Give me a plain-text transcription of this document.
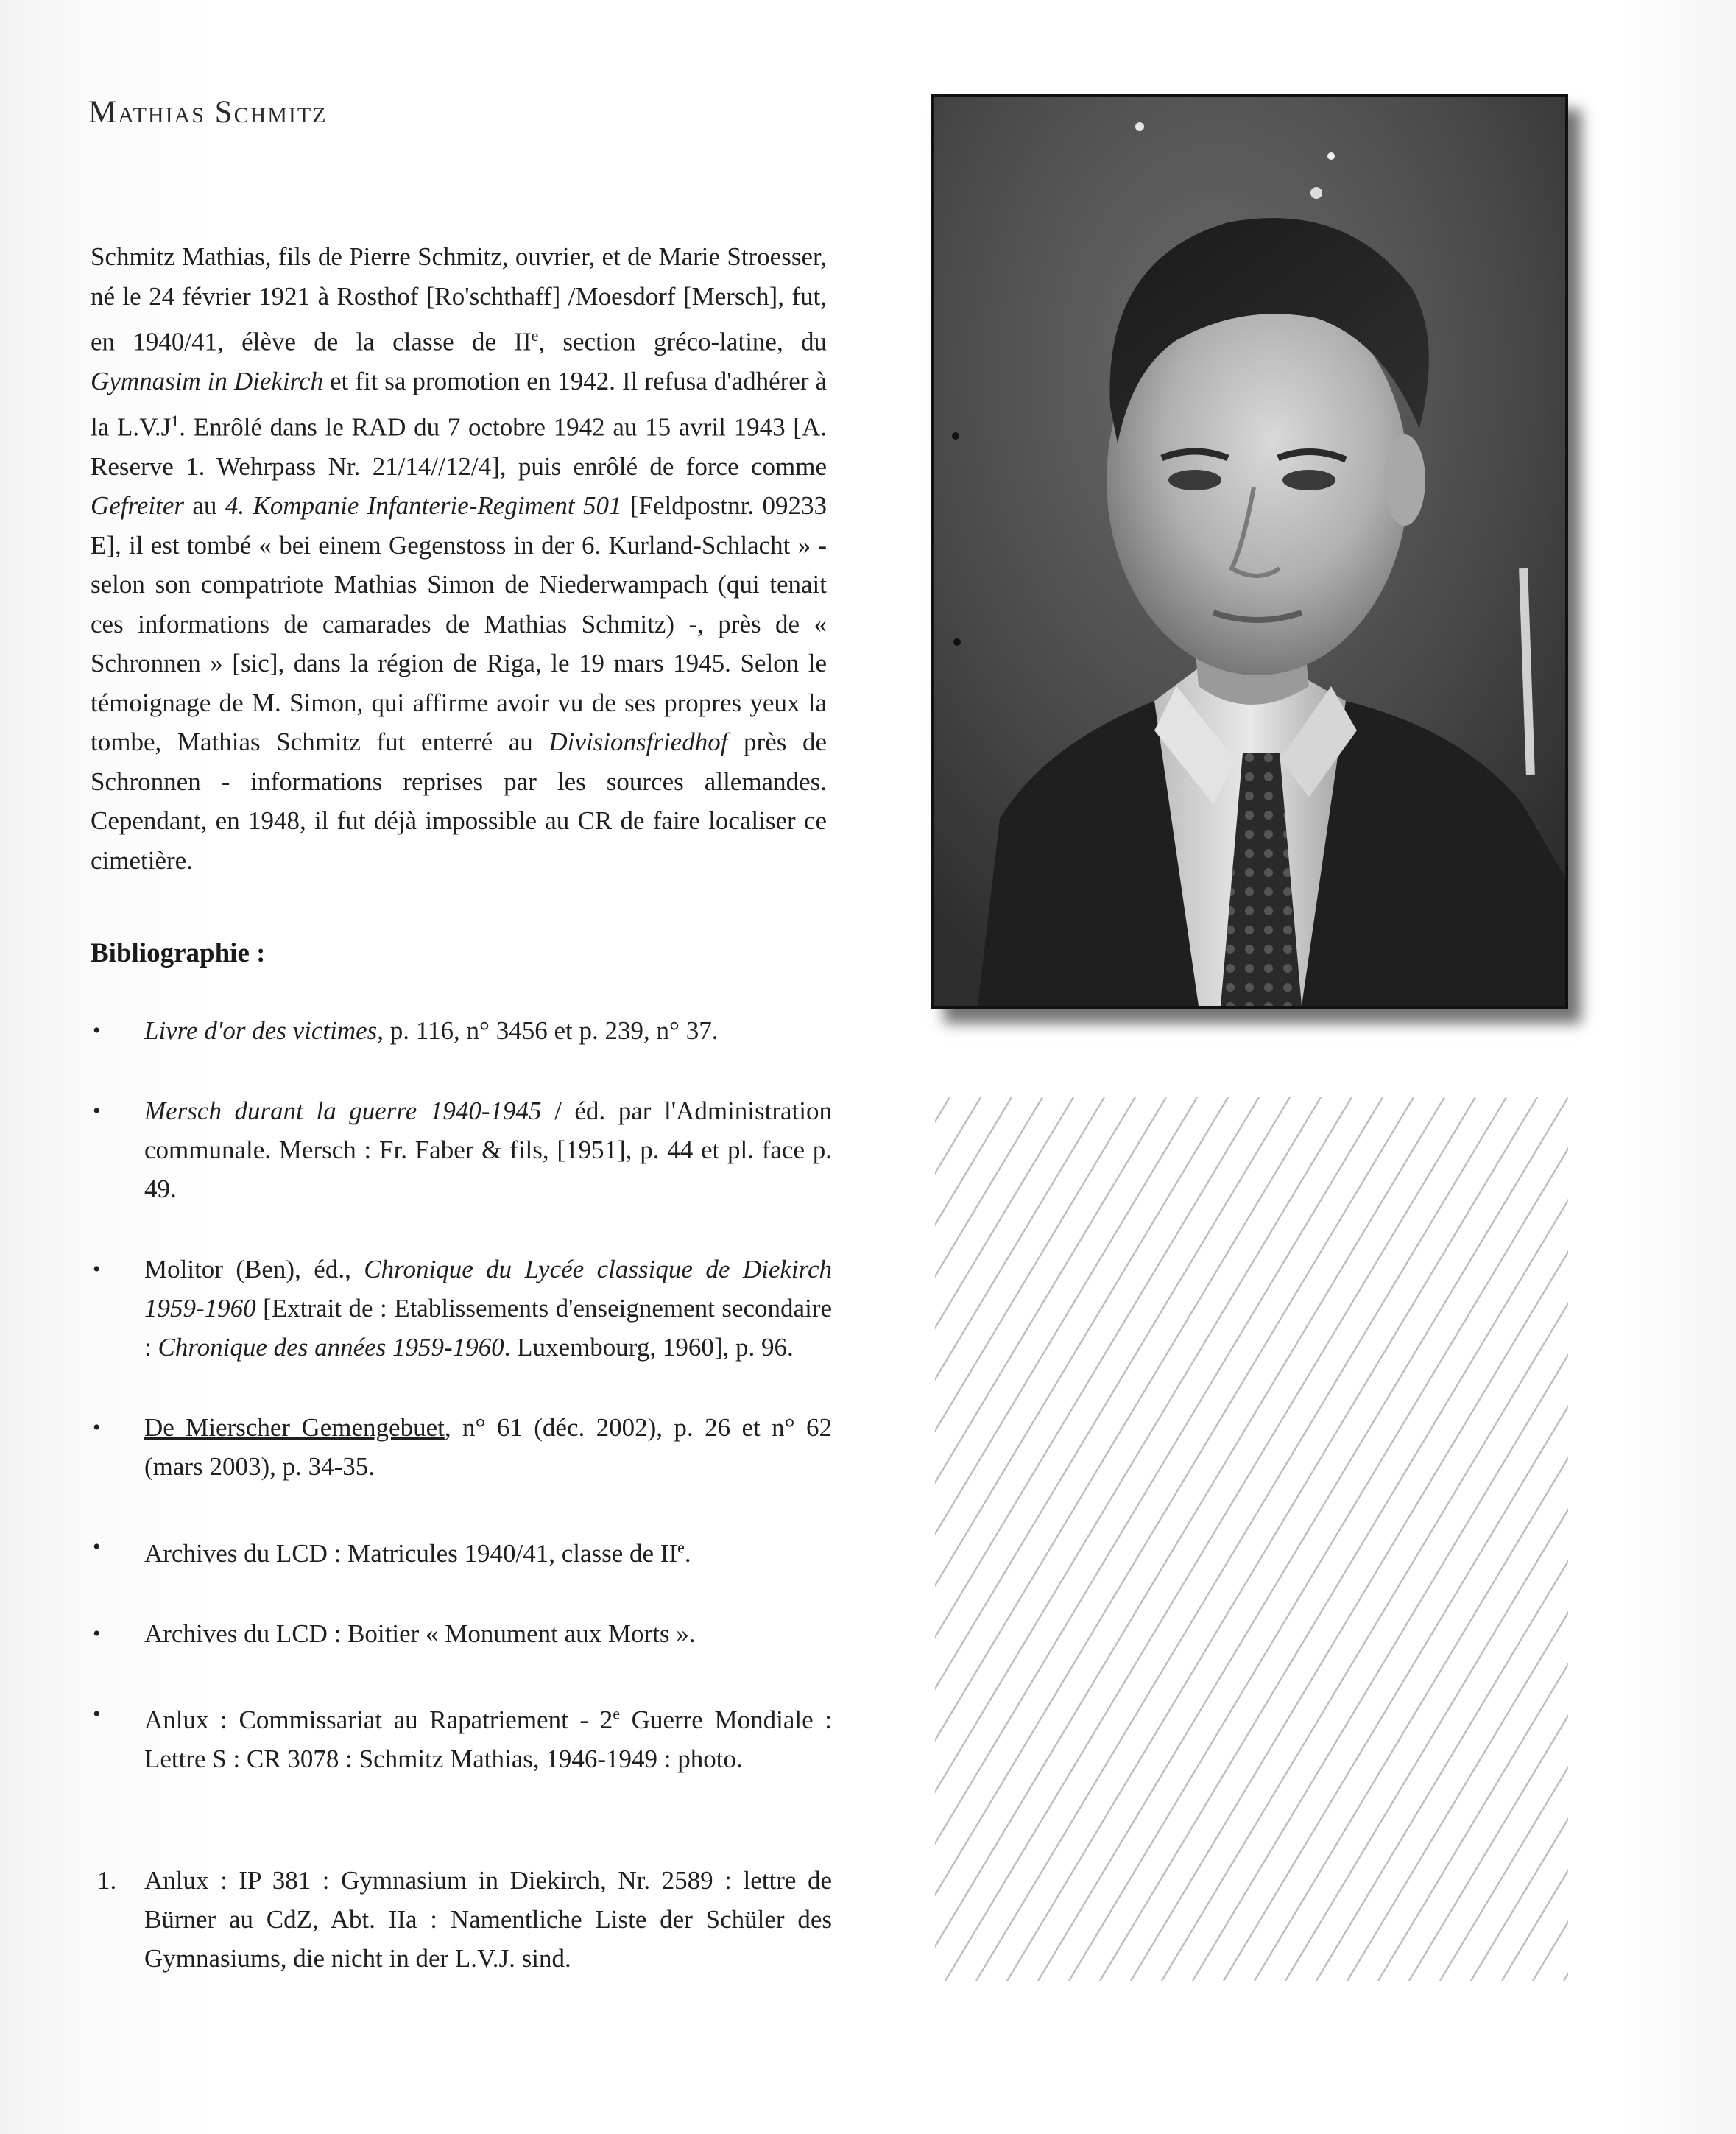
Mathias Schmitz

Schmitz Mathias, fils de Pierre Schmitz, ouvrier, et de Marie Stroesser, né le 24 février 1921 à Rosthof [Ro'schthaff] /Moesdorf [Mersch], fut, en 1940/41, élève de la classe de IIe, section gréco-latine, du Gymnasim in Diekirch et fit sa promotion en 1942. Il refusa d'adhérer à la $L.V.J^1$. Enrôlé dans le RAD du 7 octobre 1942 au 15 avril 1943 [A. Reserve 1. Wehrpass Nr. 21/14//12/4], puis enrôlé de force comme Gefreiter au 4. Kompanie Infanterie-Regiment 501 [Feldpostnr. 09233 E], il est tombé « bei einem Gegenstoss in der 6. Kurland-Schlacht » - selon son compatriote Mathias Simon de Niederwampach (qui tenait ces informations de camarades de Mathias Schmitz) -, près de « Schronnen » [sic], dans la région de Riga, le 19 mars 1945. Selon le témoignage de M. Simon, qui affirme avoir vu de ses propres yeux la tombe, Mathias Schmitz fut enterré au Divisionsfriedhof près de Schronnen - informations reprises par les sources allemandes. Cependant, en 1948, il fut déjà impossible au CR de faire localiser ce cimetière.

Bibliographie :
• Livre d'or des victimes, p. 116, n° 3456 et p. 239, n° 37.
• Mersch durant la guerre 1940-1945 / éd. par l'Administration communale. Mersch : Fr. Faber & fils, [1951], p. 44 et pl. face p. 49.
• Molitor (Ben), éd., Chronique du Lycée classique de Diekirch 1959-1960 [Extrait de : Etablissements d'enseignement secondaire : Chronique des années 1959-1960. Luxembourg, 1960], p. 96.
• De Mierscher Gemengebuet, n° 61 (déc. 2002), p. 26 et n° 62 (mars 2003), p. 34-35.
• Archives du LCD : Matricules 1940/41, classe de IIe.
• Archives du LCD : Boitier « Monument aux Morts ».
• Anlux : Commissariat au Rapatriement - 2e Guerre Mondiale : Lettre S : CR 3078 : Schmitz Mathias, 1946-1949 : photo.
1. Anlux : IP 381 : Gymnasium in Diekirch, Nr. 2589 : lettre de Bürner au CdZ, Abt. IIa : Namentliche Liste der Schüler des Gymnasiums, die nicht in der L.V.J. sind.
